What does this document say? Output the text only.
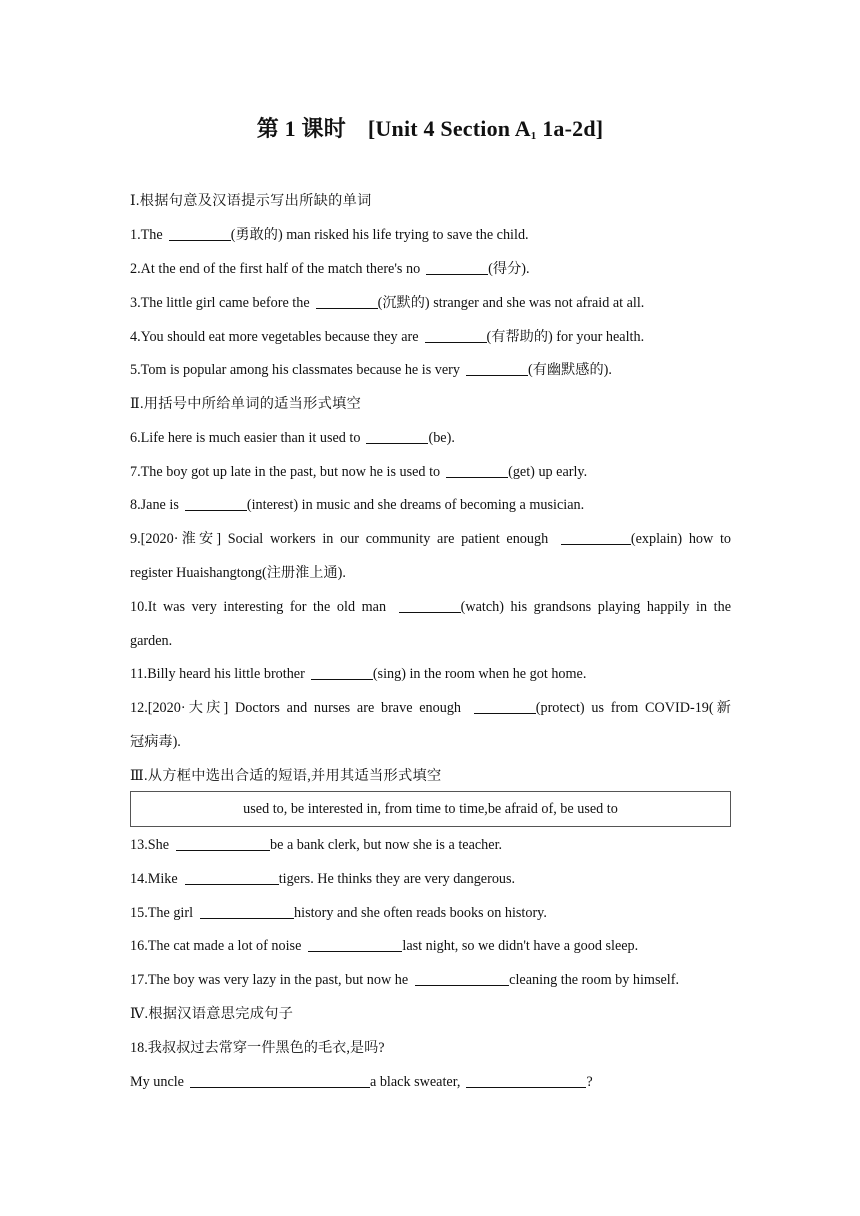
第 1 课时 [Unit 4 Section $A_1$ 1a-2d]
Ⅰ.根据句意及汉语提示写出所缺的单词
1.The	(勇敢的) man risked his life trying to save the child.
2.At the end of the first half of the match there's no	(得分).
3.The little girl came before the	(沉默的) stranger and she was not afraid at all.
4.You should eat more vegetables because they are	(有帮助的) for your health.
5.Tom is popular among his classmates because he is very	(有幽默感的).
Ⅱ.用括号中所给单词的适当形式填空
6.Life here is much easier than it used to	(be).
7.The boy got up late in the past, but now he is used to	(get) up early.
8.Jane is	(interest) in music and she dreams of becoming a musician.
9.[2020·淮安] Social workers in our community are patient enough	(explain) how to
register Huaishangtong(注册淮上通).
10.It was very interesting for the old man	(watch) his grandsons playing happily in the
garden.
11.Billy heard his little brother	(sing) in the room when he got home.
12.[2020·大庆] Doctors and nurses are brave enough	(protect) us from COVID-19(新
冠病毒).
Ⅲ.从方框中选出合适的短语,并用其适当形式填空
used to, be interested in, from time to time,be afraid of, be used to
13.She	be a bank clerk, but now she is a teacher.
14.Mike	tigers. He thinks they are very dangerous.
15.The girl	history and she often reads books on history.
16.The cat made a lot of noise	last night, so we didn't have a good sleep.
17.The boy was very lazy in the past, but now he	cleaning the room by himself.
Ⅳ.根据汉语意思完成句子
18.我叔叔过去常穿一件黑色的毛衣,是吗?
My uncle	a black sweater,	?
